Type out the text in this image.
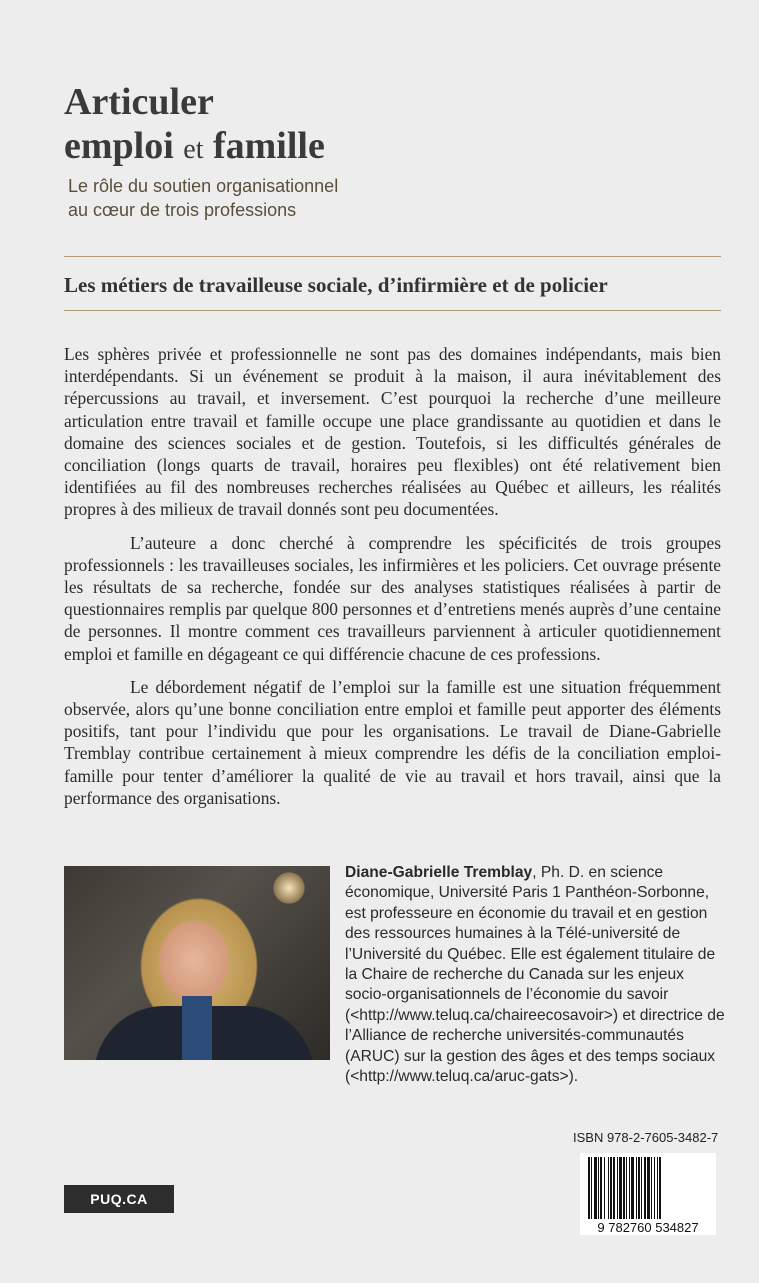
Articuler
emploi et famille
Le rôle du soutien organisationnel
au cœur de trois professions
Les métiers de travailleuse sociale, d’infirmière et de policier

Les sphères privée et professionnelle ne sont pas des domaines indépendants, mais bien interdépendants. Si un événement se produit à la maison, il aura inévitablement des répercussions au travail, et inversement. C’est pourquoi la recherche d’une meilleure articulation entre travail et famille occupe une place grandissante au quotidien et dans le domaine des sciences sociales et de gestion. Toutefois, si les difficultés générales de conciliation (longs quarts de travail, horaires peu flexibles) ont été relativement bien identifiées au fil des nombreuses recherches réalisées au Québec et ailleurs, les réalités propres à des milieux de travail donnés sont peu documentées.

L’auteure a donc cherché à comprendre les spécificités de trois groupes professionnels : les travailleuses sociales, les infirmières et les policiers. Cet ouvrage présente les résultats de sa recherche, fondée sur des analyses statistiques réalisées à partir de questionnaires remplis par quelque 800 personnes et d’entretiens menés auprès d’une centaine de personnes. Il montre comment ces travailleurs parviennent à articuler quotidiennement emploi et famille en dégageant ce qui différencie chacune de ces professions.

Le débordement négatif de l’emploi sur la famille est une situation fréquemment observée, alors qu’une bonne conciliation entre emploi et famille peut apporter des éléments positifs, tant pour l’individu que pour les organisations. Le travail de Diane-Gabrielle Tremblay contribue certainement à mieux comprendre les défis de la conciliation emploi-famille pour tenter d’améliorer la qualité de vie au travail et hors travail, ainsi que la performance des organisations.

Diane-Gabrielle Tremblay, Ph. D. en science économique, Université Paris 1 Panthéon-Sorbonne, est professeure en économie du travail et en gestion des ressources humaines à la Télé-université de l’Université du Québec. Elle est également titulaire de la Chaire de recherche du Canada sur les enjeux socio-organisationnels de l’économie du savoir (<http://www.teluq.ca/chaireecosavoir>) et directrice de l’Alliance de recherche universités-communautés (ARUC) sur la gestion des âges et des temps sociaux (<http://www.teluq.ca/aruc-gats>).

ISBN 978-2-7605-3482-7
9 782760 534827
PUQ.CA
